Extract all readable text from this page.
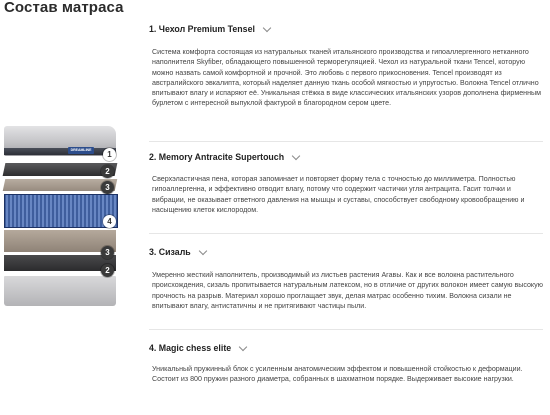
Состав матраса
DREAMLINE	1
2
3
4
3
2
1. Чехол Premium Tensel

Система комфорта состоящая из натуральных тканей итальянского производства и гипоаллергенного нетканного наполнителя Skyfiber, обладающего повышенной терморегуляцией. Чехол из натуральной ткани Tencel, которую можно назвать самой комфортной и прочной. Это любовь с первого прикосновения. Tencel производят из австралийского эвкалипта, который наделяет данную ткань особой мягкостью и упругостью. Волокна Tencel отлично впитывают влагу и испаряют её. Уникальная стёжка в виде классических итальянских узоров дополнена фирменным бурлетом с интересной выпуклой фактурой в благородном сером цвете.

2. Memory Antracite Supertouch

Сверхэластичная пена, которая запоминает и повторяет форму тела с точностью до миллиметра. Полностью гипоаллергенна, и эффективно отводит влагу, потому что содержит частички угля антрацита. Гасит толчки и вибрации, не оказывает ответного давления на мышцы и суставы, способствует свободному кровообращению и насыщению клеток кислородом.

3. Сизаль

Умеренно жесткий наполнитель, производимый из листьев растения Агавы. Как и все волокна растительного происхождения, сизаль пропитывается натуральным латексом, но в отличие от других волокон имеет самую высокую прочность на разрыв. Материал хорошо проглащает звук, делая матрас особенно тихим. Волокна сизали не впитывают влагу, антистатичны и не притягивают частицы пыли.

4. Magic chess elite

Уникальный пружинный блок с усиленным анатомическим эффектом и повышенной стойкостью к деформации. Состоит из 800 пружин разного диаметра, собранных в шахматном порядке. Выдерживает высокие нагрузки.
